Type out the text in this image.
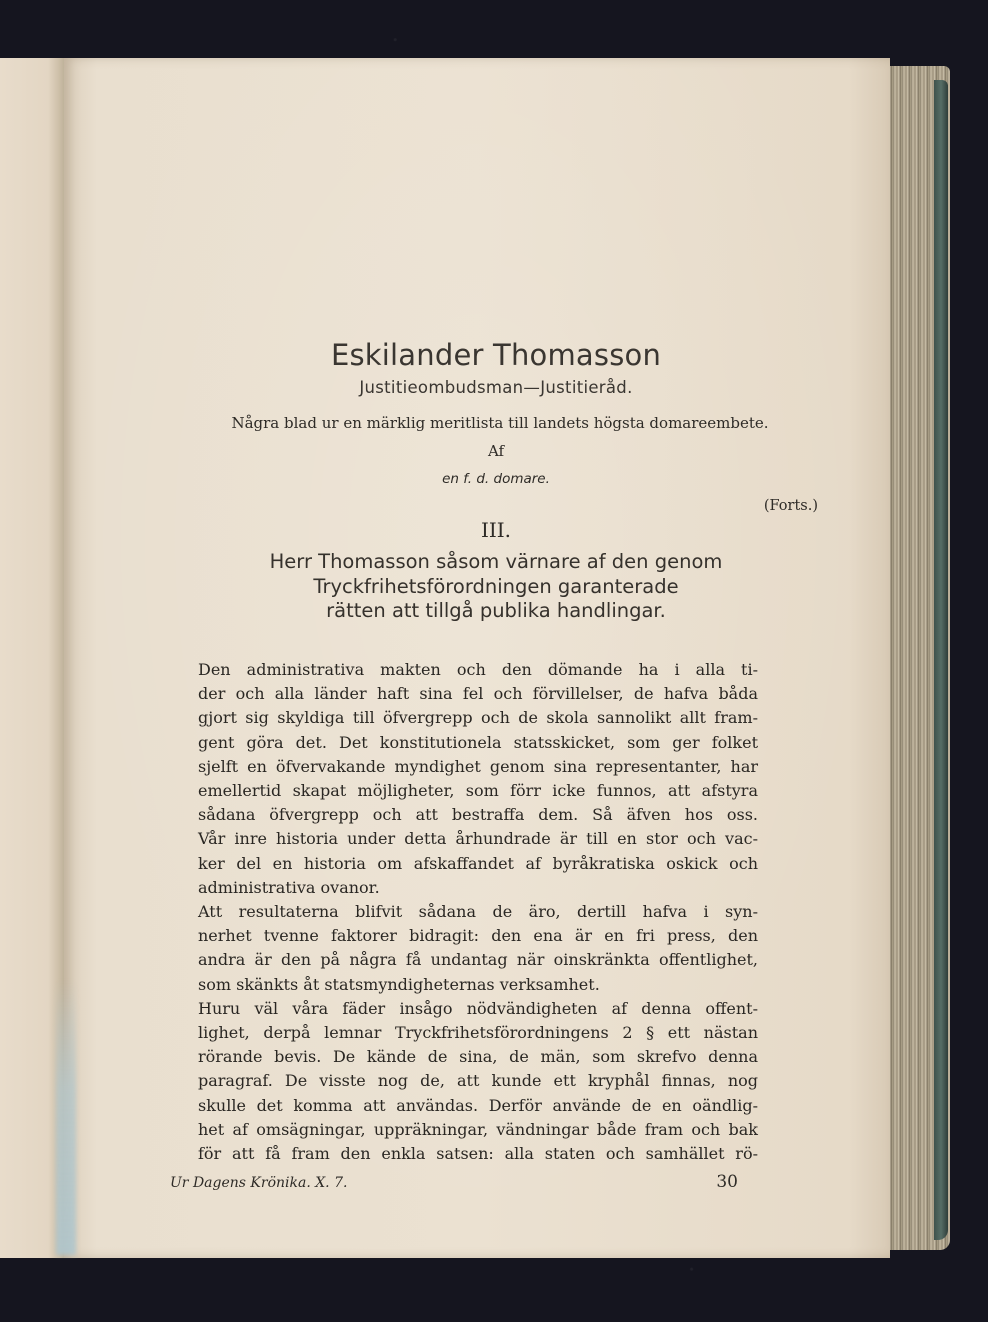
Eskilander Thomasson
Justitieombudsman—Justitieråd.
Några blad ur en märklig meritlista till landets högsta domareembete.
Af
en f. d. domare.
(Forts.)
III.
Herr Thomasson såsom värnare af den genom
Tryckfrihetsförordningen garanterade
rätten att tillgå publika handlingar.
Den administrativa makten och den dömande ha i alla ti-
der och alla länder haft sina fel och förvillelser, de hafva båda
gjort sig skyldiga till öfvergrepp och de skola sannolikt allt fram-
gent göra det. Det konstitutionela statsskicket, som ger folket
sjelft en öfvervakande myndighet genom sina representanter, har
emellertid skapat möjligheter, som förr icke funnos, att afstyra
sådana öfvergrepp och att bestraffa dem. Så äfven hos oss.
Vår inre historia under detta århundrade är till en stor och vac-
ker del en historia om afskaffandet af byråkratiska oskick och
administrativa ovanor.
Att resultaterna blifvit sådana de äro, dertill hafva i syn-
nerhet tvenne faktorer bidragit: den ena är en fri press, den
andra är den på några få undantag när oinskränkta offentlighet,
som skänkts åt statsmyndigheternas verksamhet.
Huru väl våra fäder insågo nödvändigheten af denna offent-
lighet, derpå lemnar Tryckfrihetsförordningens 2 § ett nästan
rörande bevis. De kände de sina, de män, som skrefvo denna
paragraf. De visste nog de, att kunde ett kryphål finnas, nog
skulle det komma att användas. Derför använde de en oändlig-
het af omsägningar, uppräkningar, vändningar både fram och bak
för att få fram den enkla satsen: alla staten och samhället rö-
Ur Dagens Krönika. X. 7.	30
